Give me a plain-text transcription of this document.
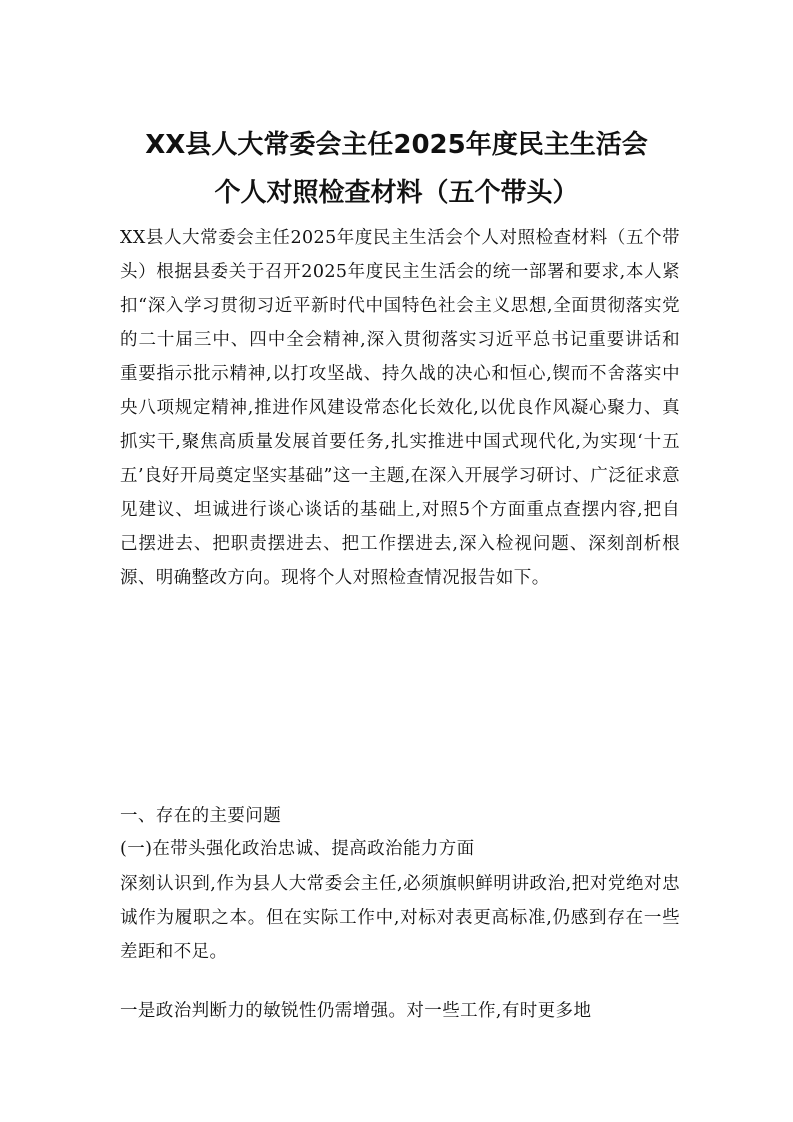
XX县人大常委会主任2025年度民主生活会
个人对照检查材料（五个带头）
XX县人大常委会主任2025年度民主生活会个人对照检查材料（五个带头）根据县委关于召开2025年度民主生活会的统一部署和要求,本人紧扣“深入学习贯彻习近平新时代中国特色社会主义思想,全面贯彻落实党的二十届三中、四中全会精神,深入贯彻落实习近平总书记重要讲话和重要指示批示精神,以打攻坚战、持久战的决心和恒心,锲而不舍落实中央八项规定精神,推进作风建设常态化长效化,以优良作风凝心聚力、真抓实干,聚焦高质量发展首要任务,扎实推进中国式现代化,为实现‘十五五’良好开局奠定坚实基础”这一主题,在深入开展学习研讨、广泛征求意见建议、坦诚进行谈心谈话的基础上,对照5个方面重点查摆内容,把自己摆进去、把职责摆进去、把工作摆进去,深入检视问题、深刻剖析根源、明确整改方向。现将个人对照检查情况报告如下。
一、存在的主要问题
(一)在带头强化政治忠诚、提高政治能力方面
深刻认识到,作为县人大常委会主任,必须旗帜鲜明讲政治,把对党绝对忠诚作为履职之本。但在实际工作中,对标对表更高标准,仍感到存在一些差距和不足。
一是政治判断力的敏锐性仍需增强。对一些工作,有时更多地
